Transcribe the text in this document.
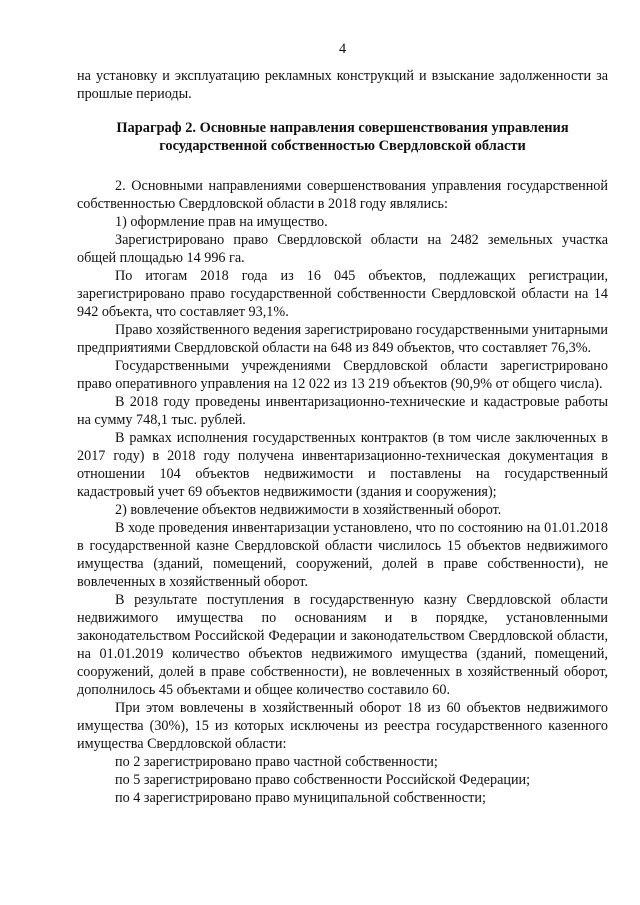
4

на установку и эксплуатацию рекламных конструкций и взыскание задолженности за прошлые периоды.

Параграф 2. Основные направления совершенствования управления
государственной собственностью Свердловской области

2. Основными направлениями совершенствования управления государственной собственностью Свердловской области в 2018 году являлись:

1) оформление прав на имущество.

Зарегистрировано право Свердловской области на 2482 земельных участка общей площадью 14 996 га.

По итогам 2018 года из 16 045 объектов, подлежащих регистрации, зарегистрировано право государственной собственности Свердловской области на 14 942 объекта, что составляет 93,1%.

Право хозяйственного ведения зарегистрировано государственными унитарными предприятиями Свердловской области на 648 из 849 объектов, что составляет 76,3%.

Государственными учреждениями Свердловской области зарегистрировано право оперативного управления на 12 022 из 13 219 объектов (90,9% от общего числа).

В 2018 году проведены инвентаризационно-технические и кадастровые работы на сумму 748,1 тыс. рублей.

В рамках исполнения государственных контрактов (в том числе заключенных в 2017 году) в 2018 году получена инвентаризационно-техническая документация в отношении 104 объектов недвижимости и поставлены на государственный кадастровый учет 69 объектов недвижимости (здания и сооружения);

2) вовлечение объектов недвижимости в хозяйственный оборот.

В ходе проведения инвентаризации установлено, что по состоянию на 01.01.2018 в государственной казне Свердловской области числилось 15 объектов недвижимого имущества (зданий, помещений, сооружений, долей в праве собственности), не вовлеченных в хозяйственный оборот.

В результате поступления в государственную казну Свердловской области недвижимого имущества по основаниям и в порядке, установленными законодательством Российской Федерации и законодательством Свердловской области, на 01.01.2019 количество объектов недвижимого имущества (зданий, помещений, сооружений, долей в праве собственности), не вовлеченных в хозяйственный оборот, дополнилось 45 объектами и общее количество составило 60.

При этом вовлечены в хозяйственный оборот 18 из 60 объектов недвижимого имущества (30%), 15 из которых исключены из реестра государственного казенного имущества Свердловской области:

по 2 зарегистрировано право частной собственности;

по 5 зарегистрировано право собственности Российской Федерации;

по 4 зарегистрировано право муниципальной собственности;
